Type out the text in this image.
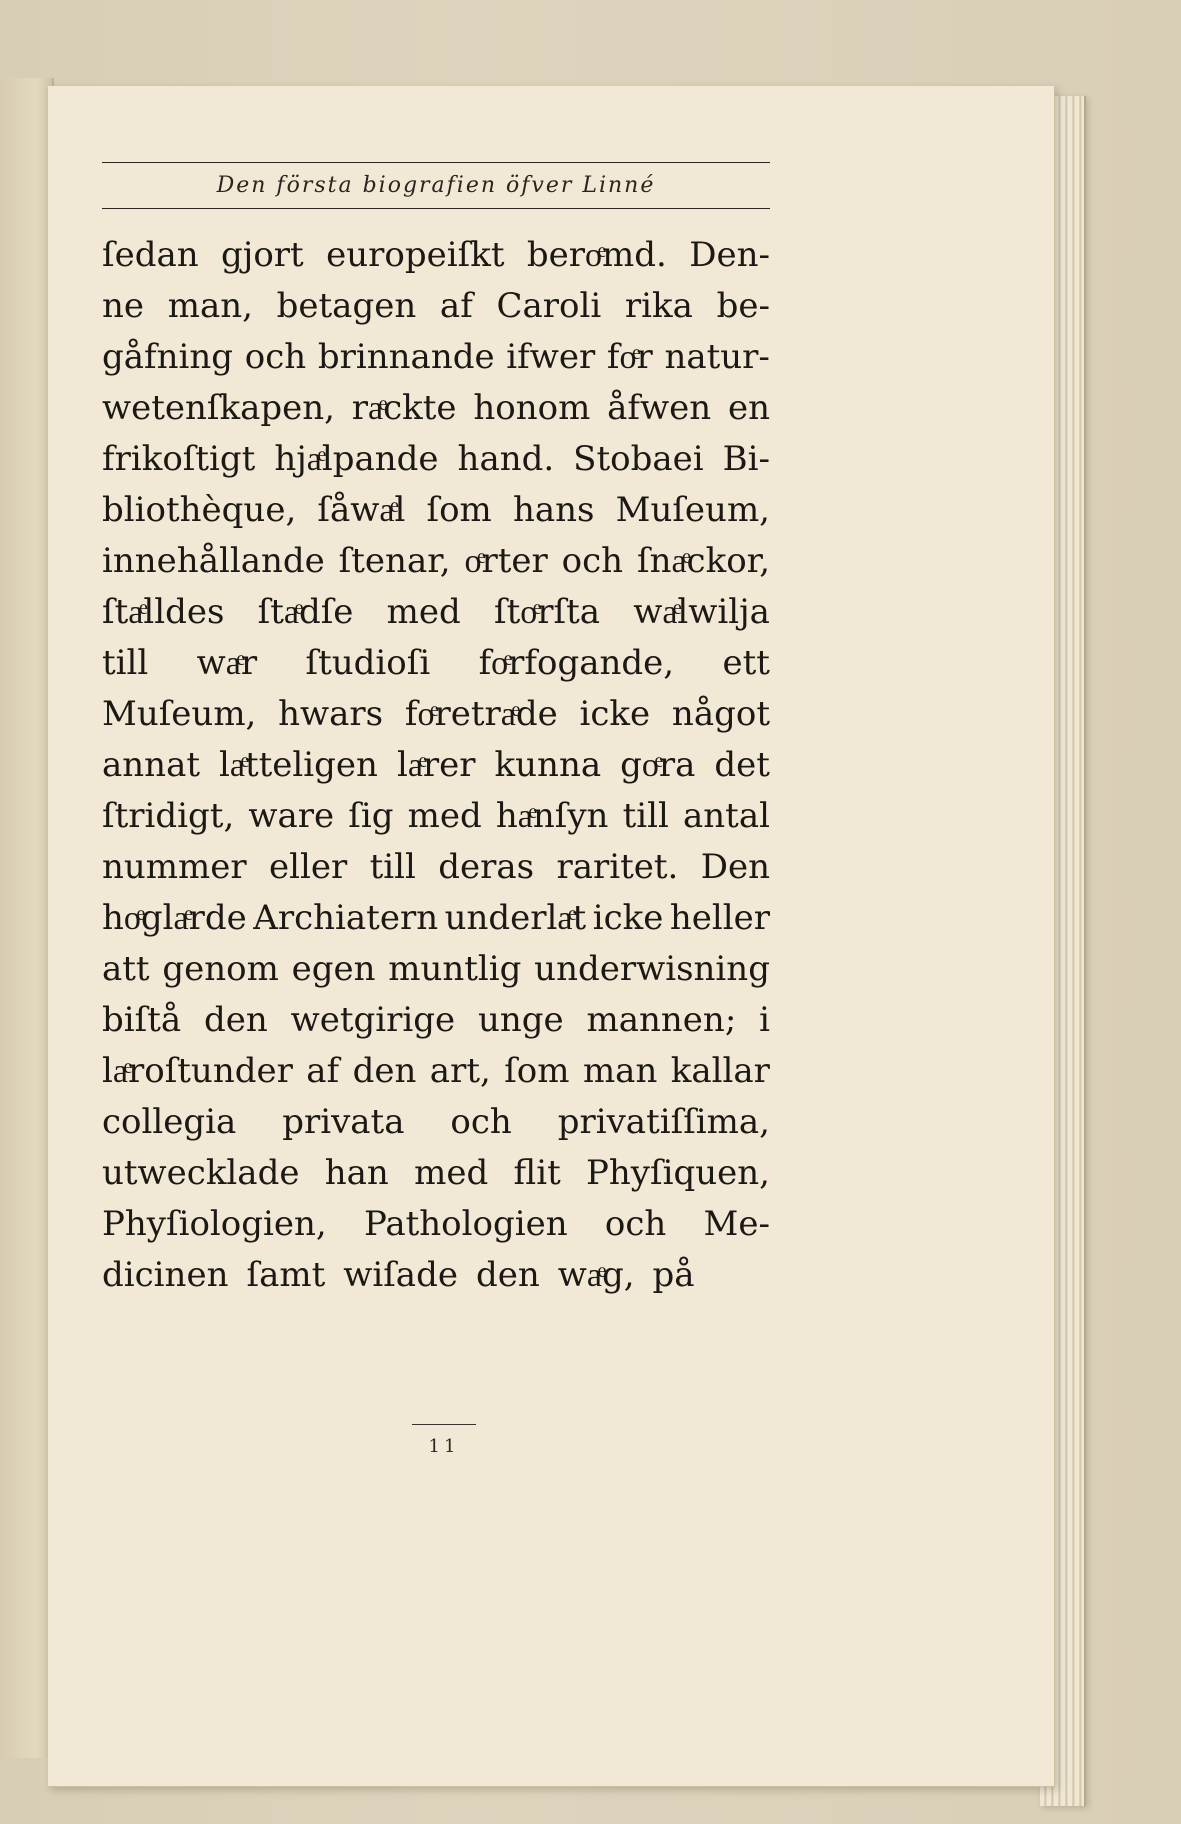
Den första biografien öfver Linné
ſedan gjort europeiſkt beroͤmd. Den-
ne man, betagen af Caroli rika be-
gåfning och brinnande ifwer foͤr natur-
wetenſkapen, raͤckte honom åfwen en
frikoſtigt hjaͤlpande hand. Stobaei Bi-
bliothèque, ſåwaͤl ſom hans Muſeum,
innehållande ſtenar, oͤrter och ſnaͤckor,
ſtaͤlldes ſtaͤdſe med ſtoͤrſta waͤlwilja
till waͤr ſtudioſi foͤrfogande, ett
Muſeum, hwars foͤretraͤde icke något
annat laͤtteligen laͤrer kunna goͤra det
ſtridigt, ware ſig med haͤnſyn till antal
nummer eller till deras raritet. Den
hoͤglaͤrde Archiatern underlaͤt icke heller
att genom egen muntlig underwisning
biſtå den wetgirige unge mannen; i
laͤroſtunder af den art, ſom man kallar
collegia privata och privatiſſima,
utwecklade han med flit Phyſiquen,
Phyſiologien, Pathologien och Me-
dicinen ſamt wiſade den waͤg, på
11
